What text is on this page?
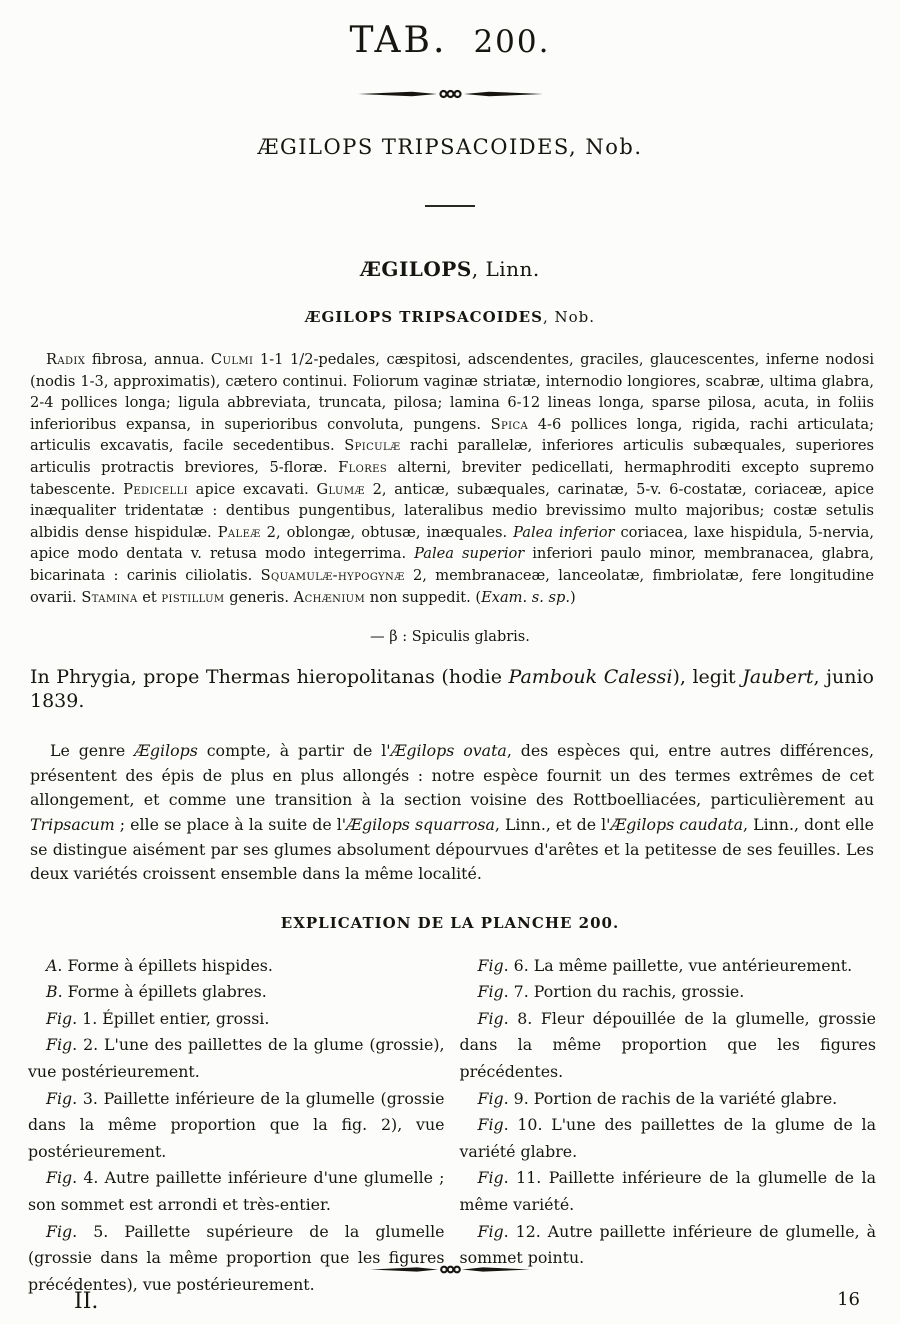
TAB. 200.
ÆGILOPS TRIPSACOIDES, Nob.
ÆGILOPS, Linn.
ÆGILOPS TRIPSACOIDES, Nob.

Radix fibrosa, annua. Culmi 1-1 1/2-pedales, cæspitosi, adscendentes, graciles, glaucescentes, inferne nodosi (nodis 1-3, approximatis), cætero continui. Foliorum vaginæ striatæ, internodio longiores, scabræ, ultima glabra, 2-4 pollices longa; ligula abbreviata, truncata, pilosa; lamina 6-12 lineas longa, sparse pilosa, acuta, in foliis inferioribus expansa, in superioribus convoluta, pungens. Spica 4-6 pollices longa, rigida, rachi articulata; articulis excavatis, facile secedentibus. Spiculæ rachi parallelæ, inferiores articulis subæquales, superiores articulis protractis breviores, 5-floræ. Flores alterni, breviter pedicellati, hermaphroditi excepto supremo tabescente. Pedicelli apice excavati. Glumæ 2, anticæ, subæquales, carinatæ, 5-v. 6-costatæ, coriaceæ, apice inæqualiter tridentatæ : dentibus pungentibus, lateralibus medio brevissimo multo majoribus; costæ setulis albidis dense hispidulæ. Paleæ 2, oblongæ, obtusæ, inæquales. Palea inferior coriacea, laxe hispidula, 5-nervia, apice modo dentata v. retusa modo integerrima. Palea superior inferiori paulo minor, membranacea, glabra, bicarinata : carinis ciliolatis. Squamulæ-hypogynæ 2, membranaceæ, lanceolatæ, fimbriolatæ, fere longitudine ovarii. Stamina et pistillum generis. Achænium non suppedit. (Exam. s. sp.)

— β : Spiculis glabris.

In Phrygia, prope Thermas hieropolitanas (hodie Pambouk Calessi), legit Jaubert, junio 1839.

Le genre Ægilops compte, à partir de l'Ægilops ovata, des espèces qui, entre autres différences, présentent des épis de plus en plus allongés : notre espèce fournit un des termes extrêmes de cet allongement, et comme une transition à la section voisine des Rottboelliacées, particulièrement au Tripsacum ; elle se place à la suite de l'Ægilops squarrosa, Linn., et de l'Ægilops caudata, Linn., dont elle se distingue aisément par ses glumes absolument dépourvues d'arêtes et la petitesse de ses feuilles. Les deux variétés croissent ensemble dans la même localité.

EXPLICATION DE LA PLANCHE 200.

A. Forme à épillets hispides.

B. Forme à épillets glabres.

Fig. 1. Épillet entier, grossi.

Fig. 2. L'une des paillettes de la glume (grossie), vue postérieurement.

Fig. 3. Paillette inférieure de la glumelle (grossie dans la même proportion que la fig. 2), vue postérieurement.

Fig. 4. Autre paillette inférieure d'une glumelle ; son sommet est arrondi et très-entier.

Fig. 5. Paillette supérieure de la glumelle (grossie dans la même proportion que les figures précédentes), vue postérieurement.

Fig. 6. La même paillette, vue antérieurement.

Fig. 7. Portion du rachis, grossie.

Fig. 8. Fleur dépouillée de la glumelle, grossie dans la même proportion que les figures précédentes.

Fig. 9. Portion de rachis de la variété glabre.

Fig. 10. L'une des paillettes de la glume de la variété glabre.

Fig. 11. Paillette inférieure de la glumelle de la même variété.

Fig. 12. Autre paillette inférieure de glumelle, à sommet pointu.

II.	16
